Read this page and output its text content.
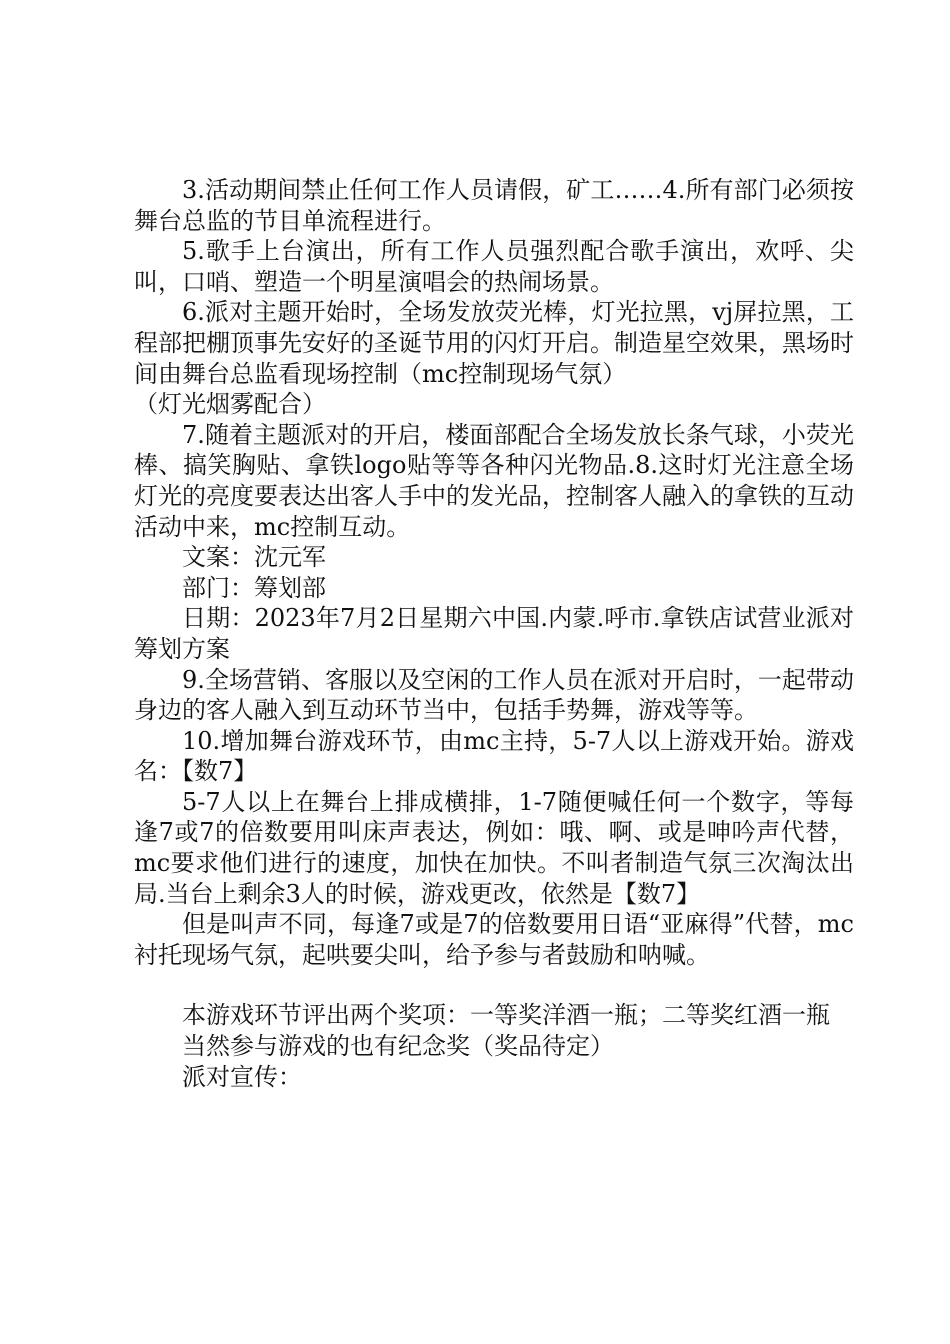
3.活动期间禁止任何工作人员请假，矿工……4.所有部门必须按舞台总监的节目单流程进行。

5.歌手上台演出，所有工作人员强烈配合歌手演出，欢呼、尖叫，口哨、塑造一个明星演唱会的热闹场景。

6.派对主题开始时，全场发放荧光棒，灯光拉黑，vj屏拉黑，工程部把棚顶事先安好的圣诞节用的闪灯开启。制造星空效果，黑场时间由舞台总监看现场控制（mc控制现场气氛）

（灯光烟雾配合）

7.随着主题派对的开启，楼面部配合全场发放长条气球，小荧光棒、搞笑胸贴、拿铁logo贴等等各种闪光物品.8.这时灯光注意全场灯光的亮度要表达出客人手中的发光品，控制客人融入的拿铁的互动活动中来，mc控制互动。

文案：沈元军

部门：筹划部

日期：2023年7月2日星期六中国.内蒙.呼市.拿铁店试营业派对筹划方案

9.全场营销、客服以及空闲的工作人员在派对开启时，一起带动身边的客人融入到互动环节当中，包括手势舞，游戏等等。

10.增加舞台游戏环节，由mc主持，5-7人以上游戏开始。游戏名：【数7】

5-7人以上在舞台上排成横排，1-7随便喊任何一个数字，等每逢7或7的倍数要用叫床声表达，例如：哦、啊、或是呻吟声代替，mc要求他们进行的速度，加快在加快。不叫者制造气氛三次淘汰出局.当台上剩余3人的时候，游戏更改，依然是【数7】

但是叫声不同，每逢7或是7的倍数要用日语“亚麻得”代替，mc衬托现场气氛，起哄要尖叫，给予参与者鼓励和呐喊。

本游戏环节评出两个奖项：一等奖洋酒一瓶；二等奖红酒一瓶

当然参与游戏的也有纪念奖（奖品待定）

派对宣传：
